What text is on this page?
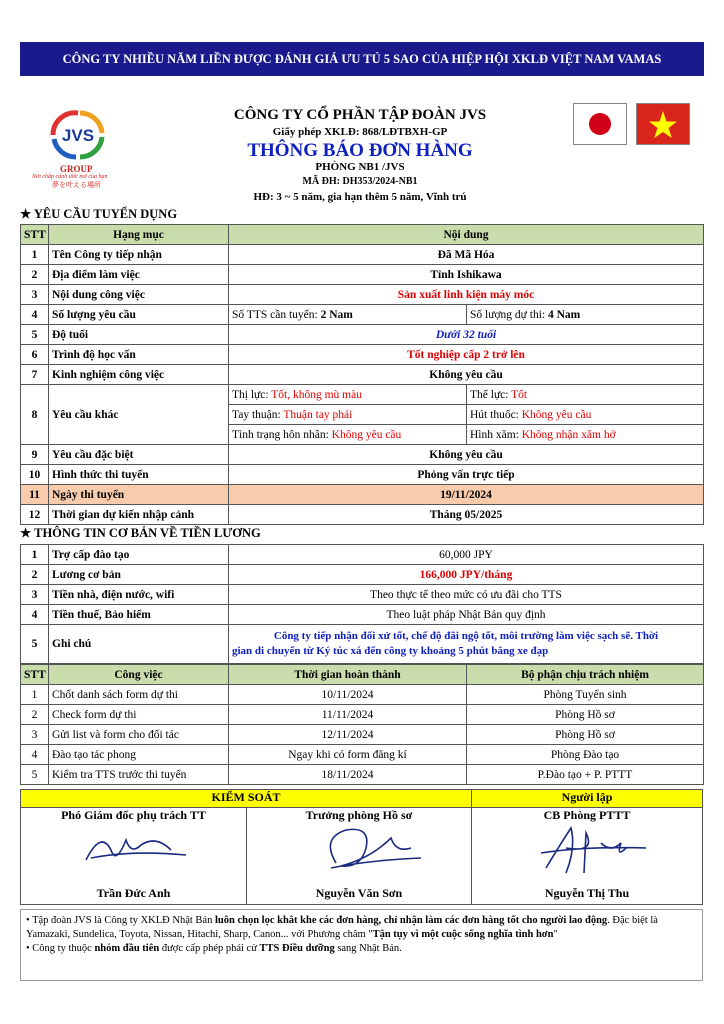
CÔNG TY NHIỀU NĂM LIỀN ĐƯỢC ĐÁNH GIÁ ƯU TÚ 5 SAO CỦA HIỆP HỘI XKLĐ VIỆT NAM VAMAS
JVS
GROUP
Nơi chắp cánh ước mơ của bạn
夢を叶える場所
CÔNG TY CỔ PHẦN TẬP ĐOÀN JVS
Giấy phép XKLĐ: 868/LĐTBXH-GP
THÔNG BÁO ĐƠN HÀNG
PHÒNG NB1 /JVS
MÃ ĐH: DH353/2024-NB1
HĐ: 3 ~ 5 năm, gia hạn thêm 5 năm, Vĩnh trú
★ YÊU CẦU TUYỂN DỤNG
STT	Hạng mục	Nội dung	
1	Tên Công ty tiếp nhận	Đã Mã Hóa	
2	Địa điểm làm việc	Tỉnh Ishikawa	
3	Nội dung công việc	Sản xuất linh kiện máy móc	
4	Số lượng yêu cầu	Số TTS cần tuyển: 2 Nam	Số lượng dự thi: 4 Nam
5	Độ tuổi	Dưới 32 tuổi	
6	Trình độ học vấn	Tốt nghiệp cấp 2 trở lên	
7	Kinh nghiệm công việc	Không yêu cầu	
8	Yêu cầu khác	Thị lực: Tốt, không mù màu	Thể lực: Tốt
		Tay thuận: Thuận tay phải	Hút thuốc: Không yêu cầu
		Tình trạng hôn nhân: Không yêu cầu	Hình xăm: Không nhận xăm hở
9	Yêu cầu đặc biệt	Không yêu cầu	
10	Hình thức thi tuyển	Phỏng vấn trực tiếp	
11	Ngày thi tuyển	19/11/2024	
12	Thời gian dự kiến nhập cảnh	Tháng 05/2025	
★ THÔNG TIN CƠ BẢN VỀ TIỀN LƯƠNG
1	Trợ cấp đào tạo	60,000 JPY
2	Lương cơ bản	166,000 JPY/tháng
3	Tiền nhà, điện nước, wifi	Theo thực tế theo mức có ưu đãi cho TTS
4	Tiền thuế, Bảo hiểm	Theo luật pháp Nhật Bản quy định
5	Ghi chú	Công ty tiếp nhận đối xử tốt, chế độ đãi ngộ tốt, môi trường làm việc sạch sẽ. Thời
gian di chuyển từ Ký túc xá đến công ty khoảng 5 phút bằng xe đạp
STT	Công việc	Thời gian hoàn thành	Bộ phận chịu trách nhiệm
1	Chốt danh sách form dự thi	10/11/2024	Phòng Tuyển sinh
2	Check form dự thi	11/11/2024	Phòng Hồ sơ
3	Gửi list và form cho đối tác	12/11/2024	Phòng Hồ sơ
4	Đào tạo tác phong	Ngay khi có form đăng kí	Phòng Đào tạo
5	Kiểm tra TTS trước thi tuyển	18/11/2024	P.Đào tạo + P. PTTT
KIỂM SOÁT	Người lập
Phó Giám đốc phụ trách TT	Trưởng phòng Hồ sơ	CB Phòng PTTT
Trần Đức Anh	Nguyễn Văn Sơn	Nguyễn Thị Thu
• Tập đoàn JVS là Công ty XKLĐ Nhật Bản luôn chọn lọc khắt khe các đơn hàng, chỉ nhận làm các đơn hàng tốt cho người lao động. Đặc biệt là Yamazaki, Sundelica, Toyota, Nissan, Hitachi, Sharp, Canon... với Phương châm "Tận tụy vì một cuộc sống nghĩa tình hơn"
• Công ty thuộc nhóm đầu tiên được cấp phép phái cử TTS Điều dưỡng sang Nhật Bản.
